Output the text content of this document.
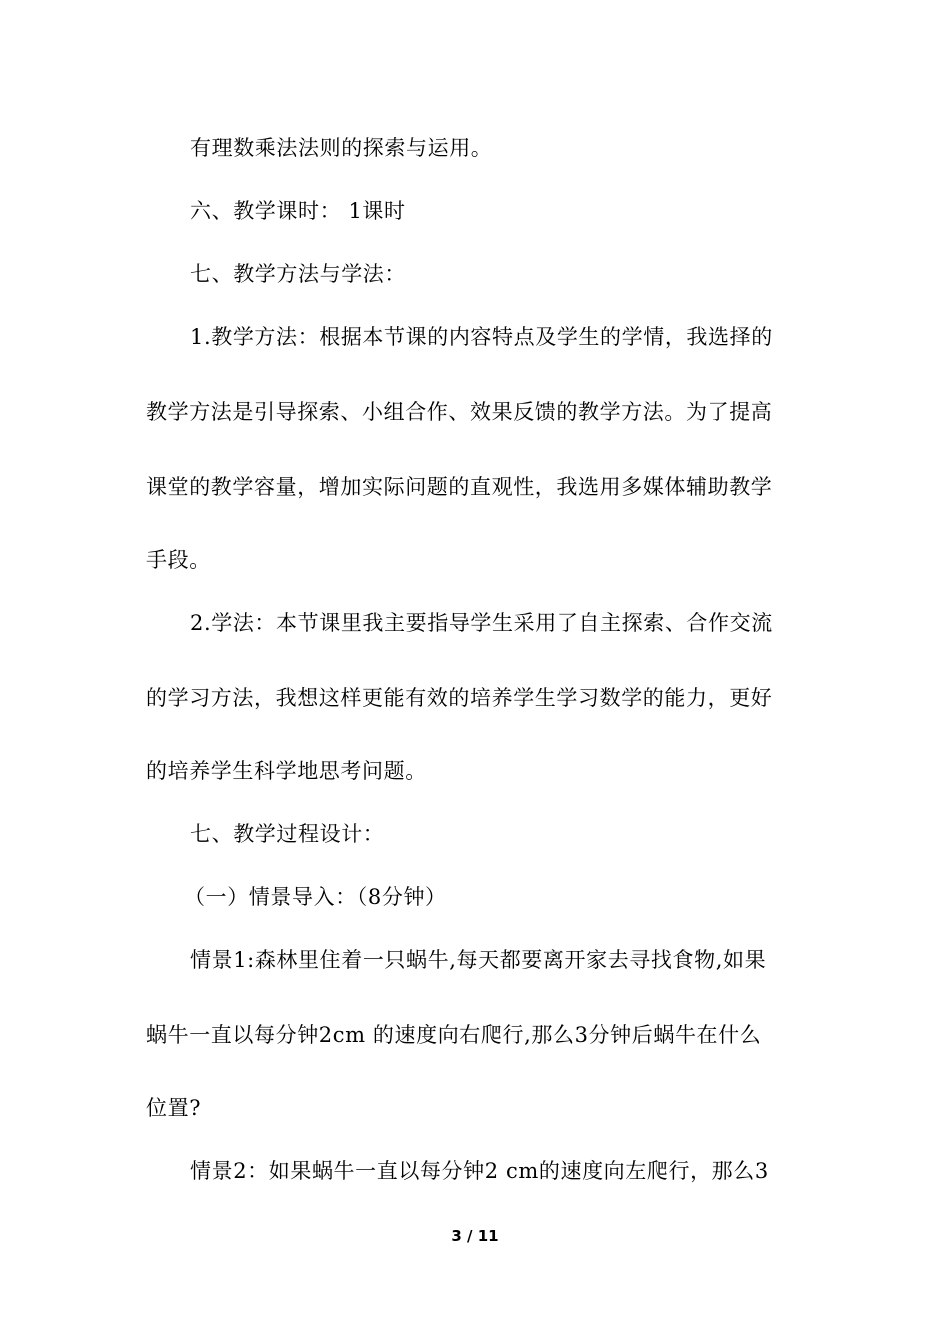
有理数乘法法则的探索与运用。

六、教学课时： 1课时

七、教学方法与学法：

1.教学方法：根据本节课的内容特点及学生的学情，我选择的

教学方法是引导探索、小组合作、效果反馈的教学方法。为了提高

课堂的教学容量，增加实际问题的直观性，我选用多媒体辅助教学

手段。

2.学法：本节课里我主要指导学生采用了自主探索、合作交流

的学习方法，我想这样更能有效的培养学生学习数学的能力，更好

的培养学生科学地思考问题。

七、教学过程设计：

（一）情景导入：（8分钟）

情景1:森林里住着一只蜗牛,每天都要离开家去寻找食物,如果

蜗牛一直以每分钟2cm 的速度向右爬行,那么3分钟后蜗牛在什么

位置?

情景2：如果蜗牛一直以每分钟2 cm的速度向左爬行，那么3

3 / 11
